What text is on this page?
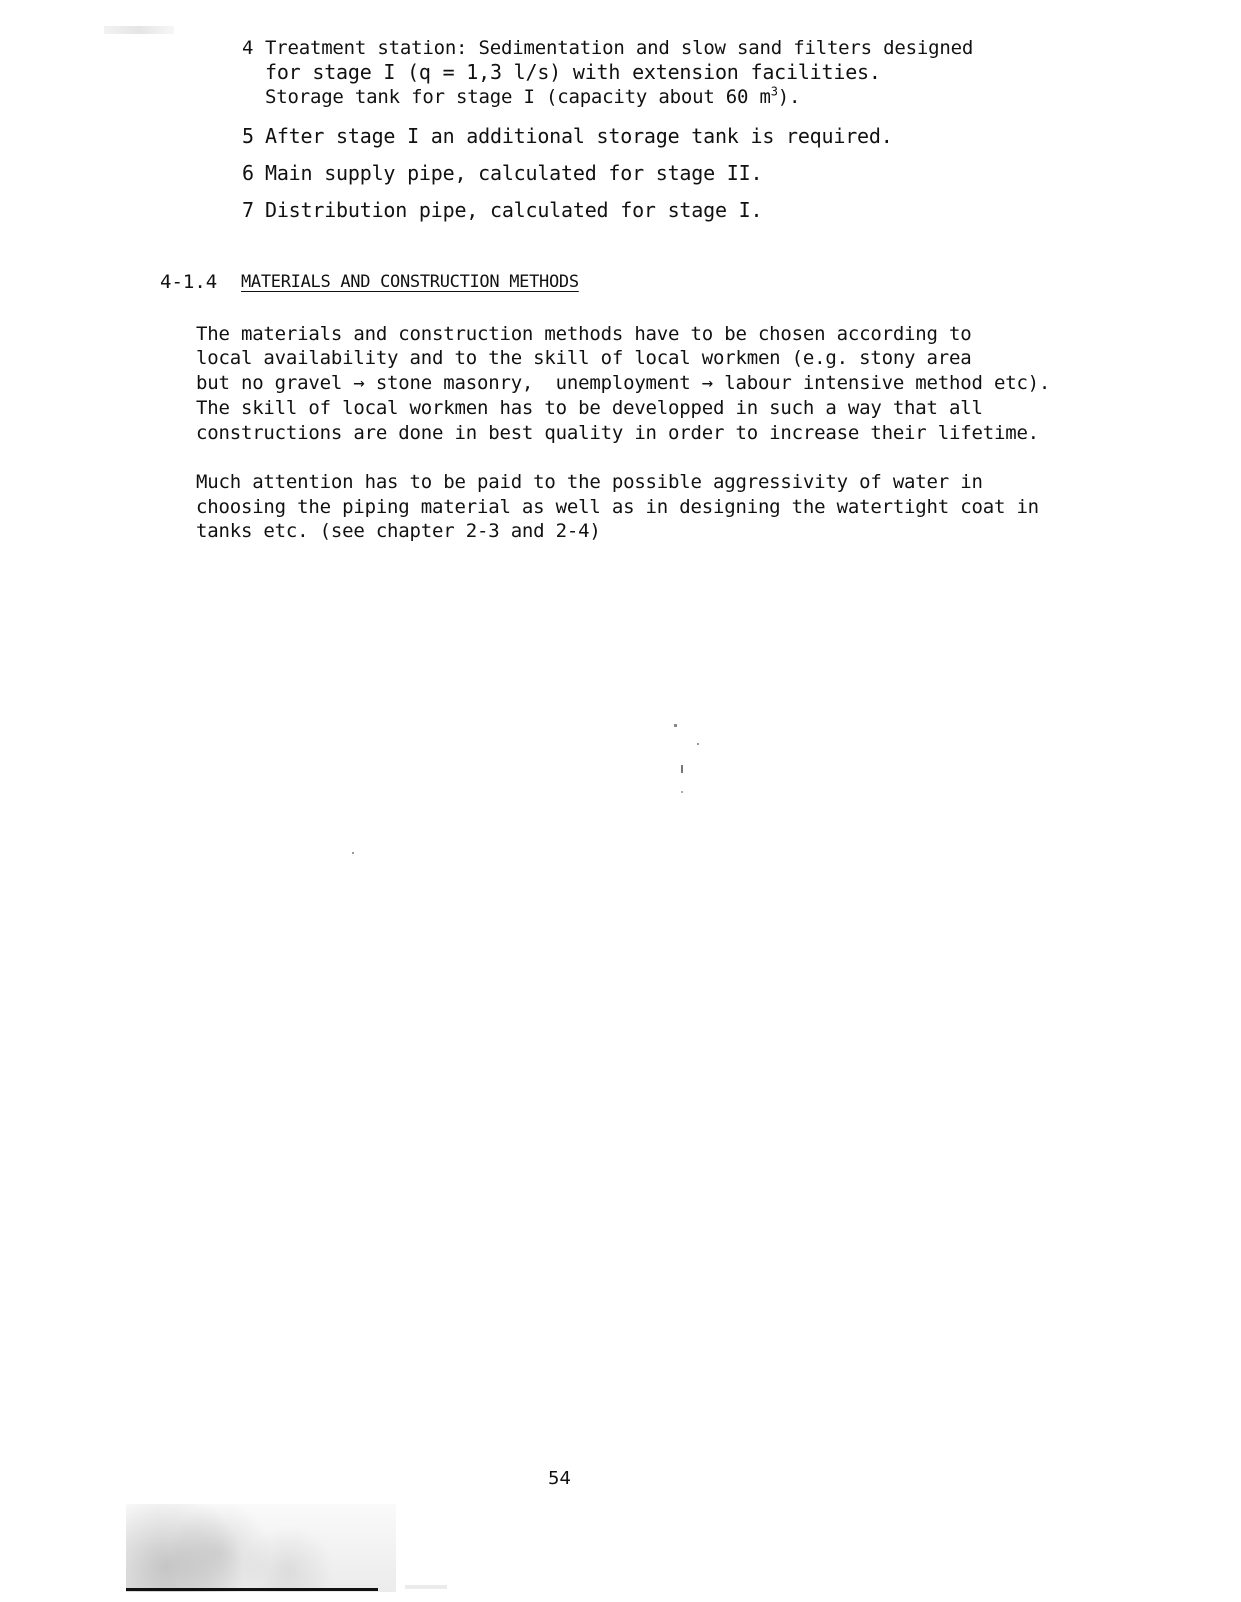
4 Treatment station: Sedimentation and slow sand filters designed
for stage I (q = 1,3 l/s) with extension facilities.
Storage tank for stage I (capacity about 60 $m^3$).
5 After stage I an additional storage tank is required.
6 Main supply pipe, calculated for stage II.
7 Distribution pipe, calculated for stage I.
4-1.4 MATERIALS AND CONSTRUCTION METHODS
The materials and construction methods have to be chosen according to
local availability and to the skill of local workmen (e.g. stony area
but no gravel → stone masonry,  unemployment → labour intensive method etc).
The skill of local workmen has to be developped in such a way that all
constructions are done in best quality in order to increase their lifetime.
Much attention has to be paid to the possible aggressivity of water in
choosing the piping material as well as in designing the watertight coat in
tanks etc. (see chapter 2-3 and 2-4)
54
